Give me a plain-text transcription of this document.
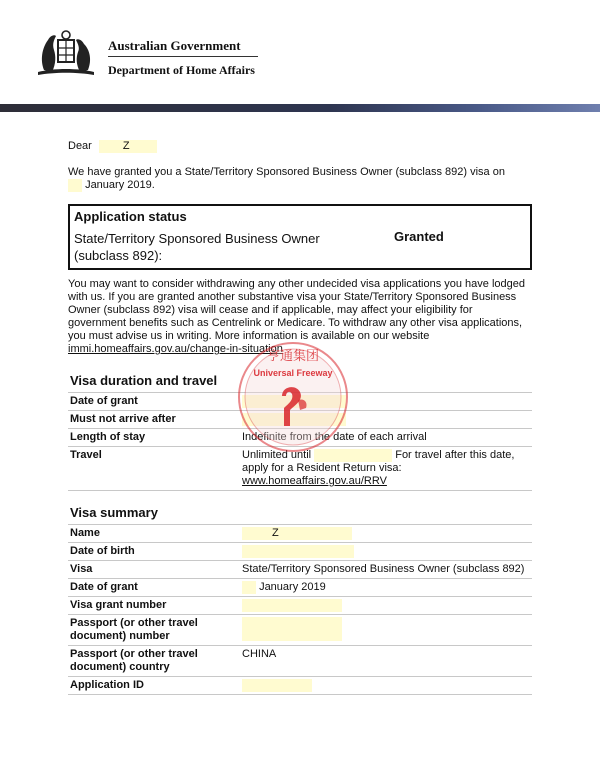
Australian Government
Department of Home Affairs
Dear	Z
We have granted you a State/Territory Sponsored Business Owner (subclass 892) visa on
January 2019.
Application status
State/Territory Sponsored Business Owner (subclass 892):
Granted
You may want to consider withdrawing any other undecided visa applications you have lodged with us. If you are granted another substantive visa your State/Territory Sponsored Business Owner (subclass 892) visa will cease and if applicable, may affect your eligibility for government benefits such as Centrelink or Medicare. To withdraw any other visa applications, you must advise us in writing. More information is available on our website immi.homeaffairs.gov.au/change-in-situation
Visa duration and travel
Date of grant	
Must not arrive after	
Length of stay	Indefinite from the date of each arrival
Travel	Unlimited until For travel after this date, apply for a Resident Return visa:
www.homeaffairs.gov.au/RRV
Visa summary
Name	Z
Date of birth	
Visa	State/Territory Sponsored Business Owner (subclass 892)
Date of grant	January 2019
Visa grant number	
Passport (or other travel document) number	
Passport (or other travel document) country	CHINA
Application ID	
亨通集团
Universal Freeway
